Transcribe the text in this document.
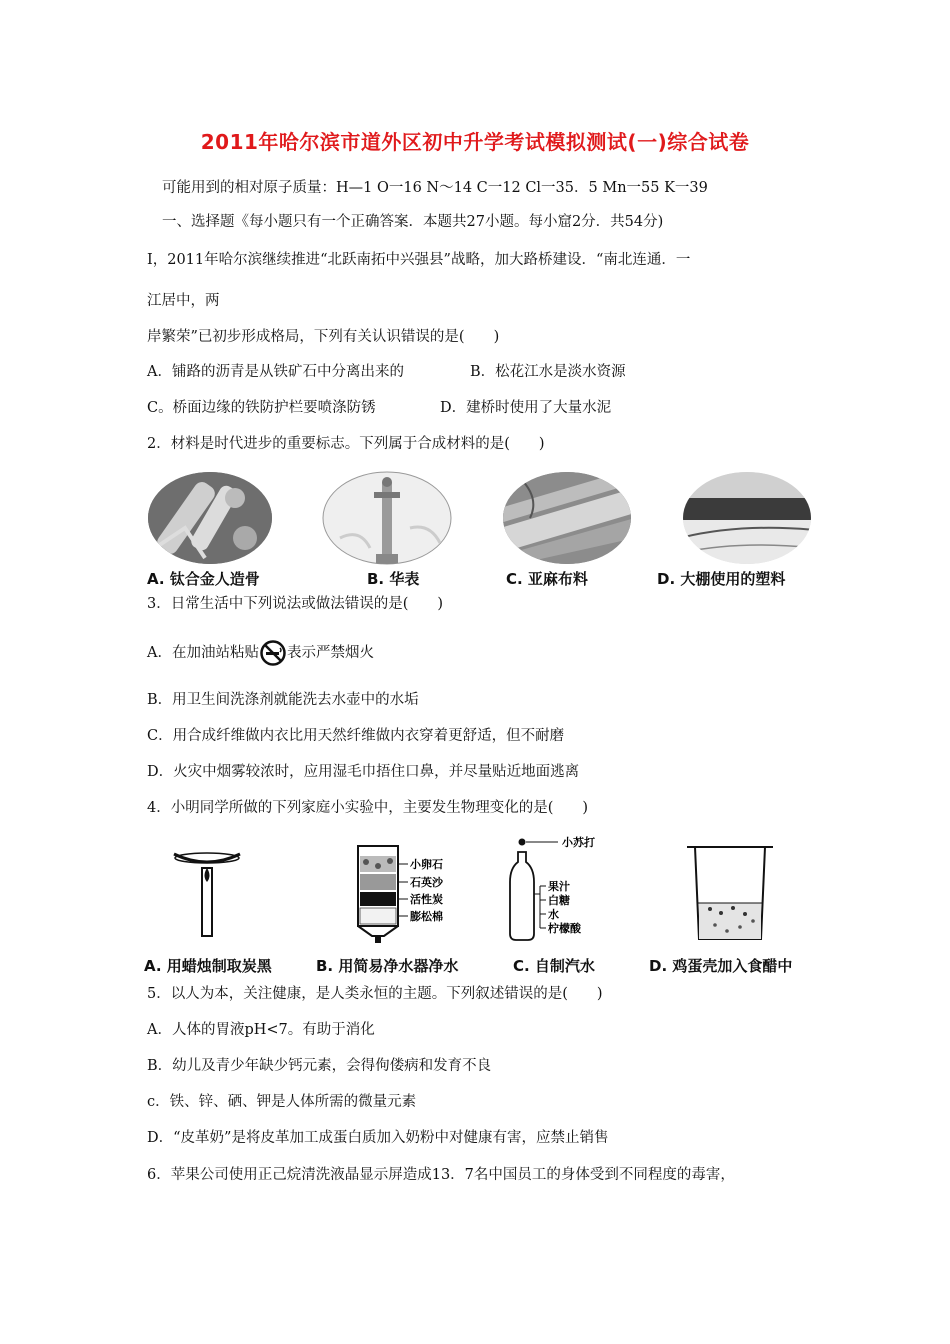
2011年哈尔滨市道外区初中升学考试模拟测试(一)综合试卷
可能用到的相对原子质量：H—1 O一16 N～14 C一12 Cl一35．5 Mn一55 K一39
一、选择题《每小题只有一个正确答案．本题共27小题。每小窟2分．共54分)
I，2011年哈尔滨继续推进“北跃南拓中兴强县”战略，加大路桥建设．“南北连通．一
江居中，两
岸繁荣”已初步形成格局，下列有关认识错误的是(　　)
A．铺路的沥青是从铁矿石中分离出来的	B．松花江水是淡水资源
C。桥面边缘的铁防护栏要喷涤防锈	D．建桥时使用了大量水泥
2．材料是时代进步的重要标志。下列属于合成材料的是(　　)
A. 钛合金人造骨	B. 华表	C. 亚麻布料	D. 大棚使用的塑料
3．日常生活中下列说法或做法错误的是(　　)
A．在加油站粘贴 表示严禁烟火
B．用卫生间洗涤剂就能洗去水壶中的水垢
C．用合成纤维做内衣比用天然纤维做内衣穿着更舒适，但不耐磨
D．火灾中烟雾较浓时，应用湿毛巾捂住口鼻，并尽量贴近地面逃离
4．小明同学所做的下列家庭小实验中，主要发生物理变化的是(　　)
小卵石
石英沙
活性炭
膨松棉
小苏打
果汁
白糖
水
柠檬酸
A. 用蜡烛制取炭黑	B. 用简易净水器净水	C. 自制汽水	D. 鸡蛋壳加入食醋中
5．以人为本，关注健康，是人类永恒的主题。下列叙述错误的是(　　)
A．人体的胃液pH<7。有助于消化
B．幼儿及青少年缺少钙元素，会得佝偻病和发育不良
c．铁、锌、硒、钾是人体所需的微量元素
D．“皮革奶”是将皮革加工成蛋白质加入奶粉中对健康有害，应禁止销售
6．苹果公司使用正己烷清洗液晶显示屏造成13．7名中国员工的身体受到不同程度的毒害，
